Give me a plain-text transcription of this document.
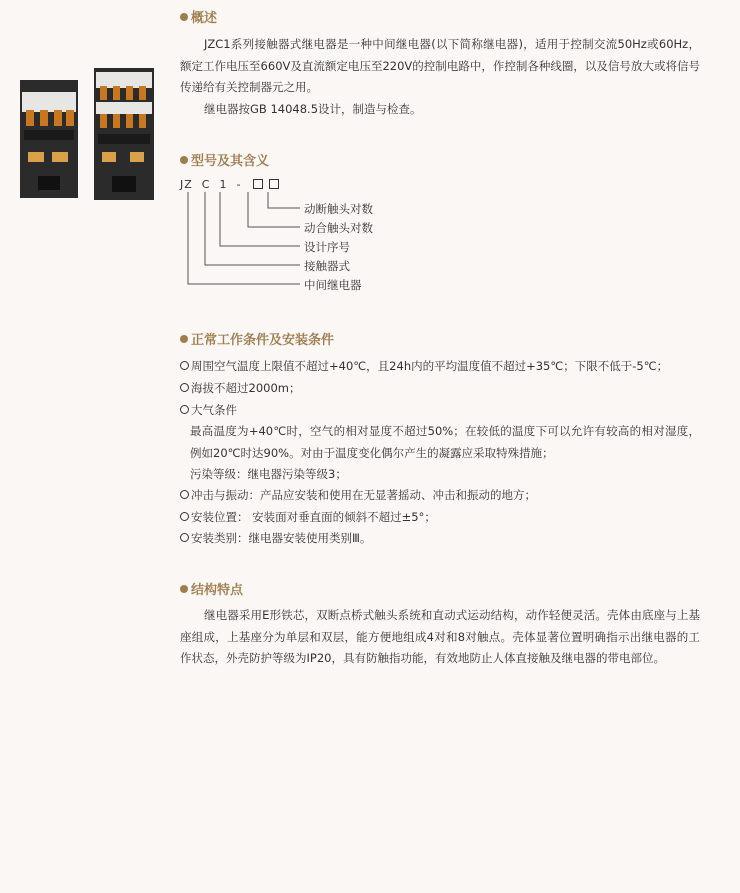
概述
JZC1系列接触器式继电器是一种中间继电器(以下简称继电器)，适用于控制交流50Hz或60Hz，额定工作电压至660V及直流额定电压至220V的控制电路中，作控制各种线圈，以及信号放大或将信号传递给有关控制器元之用。
继电器按GB 14048.5设计，制造与检查。
型号及其含义
JZ C 1 -
动断触头对数
动合触头对数
设计序号
接触器式
中间继电器
正常工作条件及安装条件
周围空气温度上限值不超过+40℃，且24h内的平均温度值不超过+35℃；下限不低于-5℃；
海拔不超过2000m；
大气条件
最高温度为+40℃时，空气的相对显度不超过50%；在较低的温度下可以允许有较高的相对湿度，例如20℃时达90%。对由于温度变化偶尔产生的凝露应采取特殊措施；
污染等级：继电器污染等级3；
冲击与振动：产品应安装和使用在无显著摇动、冲击和振动的地方；
安装位置： 安装面对垂直面的倾斜不超过±5°；
安装类别：继电器安装使用类别Ⅲ。
结构特点
继电器采用E形铁芯，双断点桥式触头系统和直动式运动结构，动作轻便灵活。壳体由底座与上基座组成，上基座分为单层和双层，能方便地组成4对和8对触点。壳体显著位置明确指示出继电器的工作状态，外壳防护等级为IP20，具有防触指功能，有效地防止人体直接触及继电器的带电部位。
